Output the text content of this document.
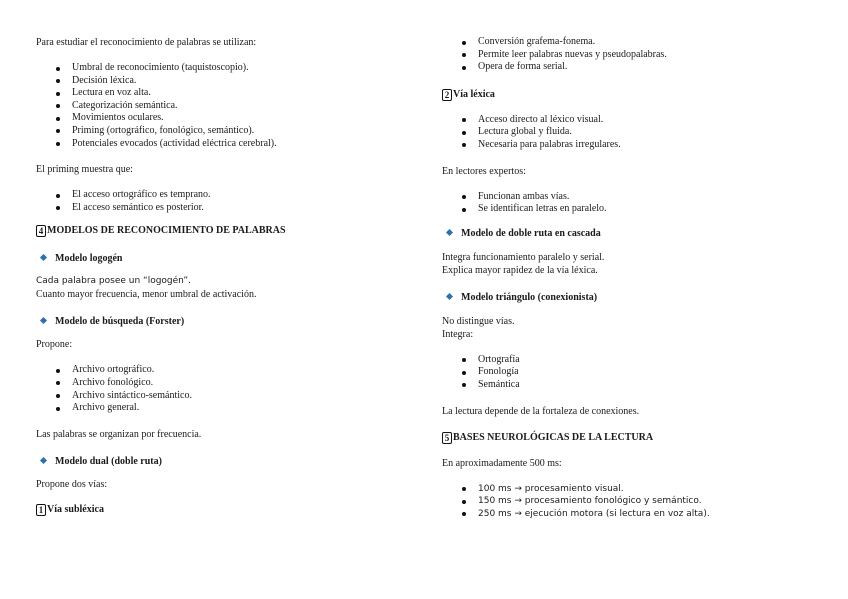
Para estudiar el reconocimiento de palabras se utilizan:

Umbral de reconocimiento (taquistoscopio).
Decisión léxica.
Lectura en voz alta.
Categorización semántica.
Movimientos oculares.
Priming (ortográfico, fonológico, semántico).
Potenciales evocados (actividad eléctrica cerebral).

El priming muestra que:

El acceso ortográfico es temprano.
El acceso semántico es posterior.
4 MODELOS DE RECONOCIMIENTO DE PALABRAS
Modelo logogén

Cada palabra posee un “logogén”.

Cuanto mayor frecuencia, menor umbral de activación.

Modelo de búsqueda (Forster)

Propone:

Archivo ortográfico.
Archivo fonológico.
Archivo sintáctico-semántico.
Archivo general.

Las palabras se organizan por frecuencia.

Modelo dual (doble ruta)

Propone dos vías:

1 Vía subléxica
Conversión grafema-fonema.
Permite leer palabras nuevas y pseudopalabras.
Opera de forma serial.
2 Vía léxica
Acceso directo al léxico visual.
Lectura global y fluida.
Necesaria para palabras irregulares.

En lectores expertos:

Funcionan ambas vías.
Se identifican letras en paralelo.
Modelo de doble ruta en cascada

Integra funcionamiento paralelo y serial.

Explica mayor rapidez de la vía léxica.

Modelo triángulo (conexionista)

No distingue vías.

Integra:

Ortografía
Fonología
Semántica

La lectura depende de la fortaleza de conexiones.

5 BASES NEUROLÓGICAS DE LA LECTURA

En aproximadamente 500 ms:

100 ms → procesamiento visual.
150 ms → procesamiento fonológico y semántico.
250 ms → ejecución motora (si lectura en voz alta).
